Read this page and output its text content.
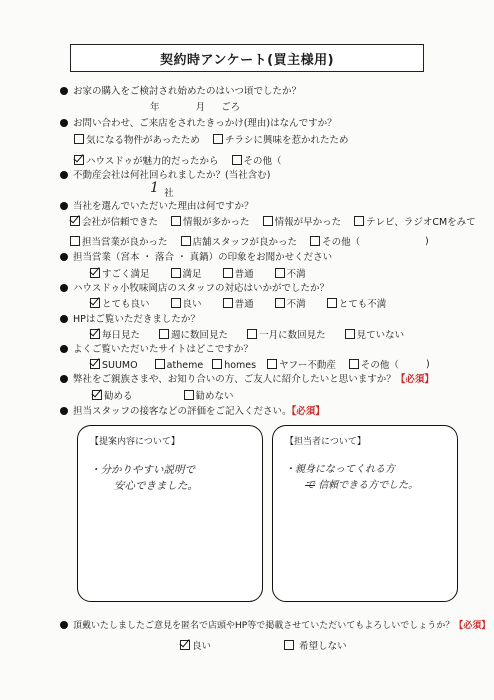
契約時アンケート(買主様用)
お家の購入をご検討され始めたのはいつ頃でしたか？
年	月 ごろ
お問い合わせ、ご来店をされたきっかけ(理由)はなんですか？
気になる物件があったため	チラシに興味を惹かれたため
ハウスドゥが魅力的だったから	その他（
不動産会社は何社回られましたか？(当社含む)
1 社
当社を選んでいただいた理由は何ですか？
会社が信頼できた	情報が多かった	情報が早かった	テレビ、ラジオCMをみて
担当営業が良かった	店舗スタッフが良かった	その他（	)
担当営業（宮本 ・ 落合 ・ 真鍋）の印象をお聞かせください
すごく満足	満足	普通	不満
ハウスドゥ小牧味岡店のスタッフの対応はいかがでしたか？
とても良い	良い	普通	不満	とても不満
HPはご覧いただきましたか？
毎日見た	週に数回見た	一月に数回見た	見ていない
よくご覧いただいたサイトはどこですか？
SUUMO	atheme homes ヤフー不動産	その他（	)
弊社をご親族さまや、お知り合いの方、ご友人に紹介したいと思いますか？【必須】
勧める	勧めない
担当スタッフの接客などの評価をご記入ください。【必須】
【提案内容について】
・分かりやすい説明で
安心できました。
【担当者について】
・親身になってくれる方
で 信頼できる方でした。
頂戴いたしましたご意見を匿名で店頭やHP等で掲載させていただいてもよろしいでしょうか？【必須】
良い	希望しない
